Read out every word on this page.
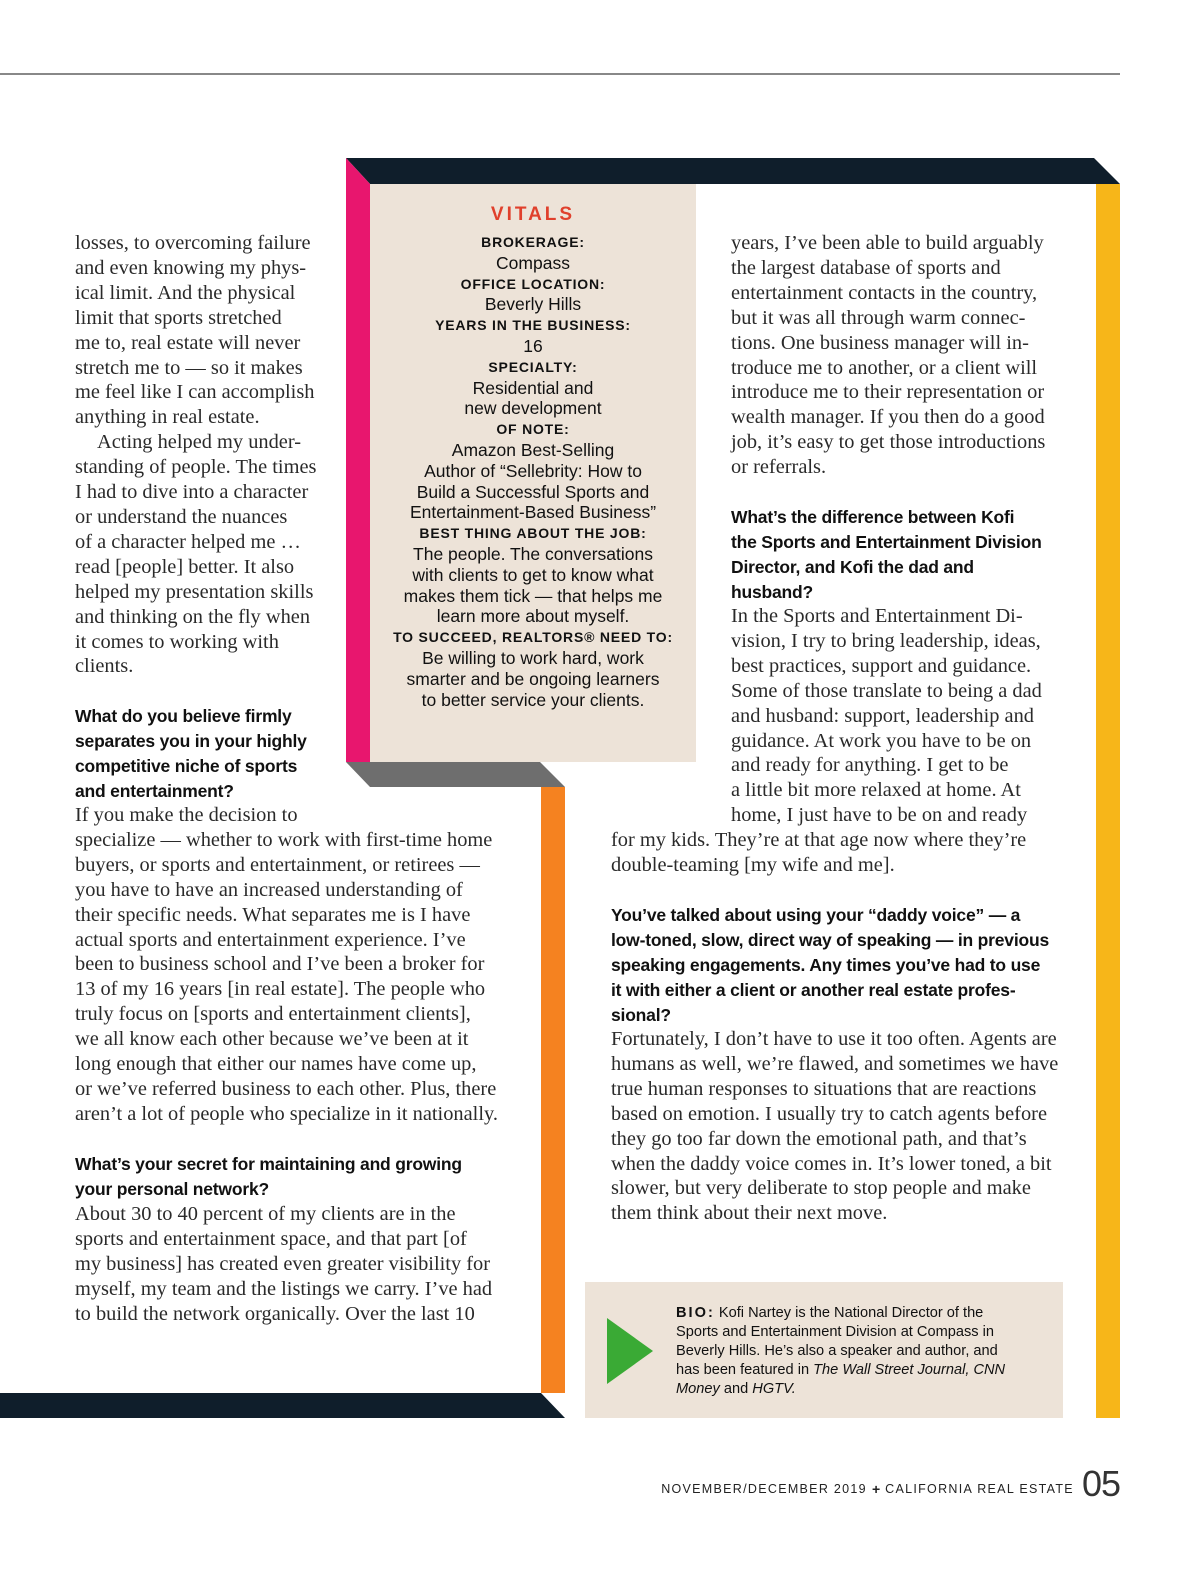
losses, to overcoming failure
and even knowing my phys-
ical limit. And the physical
limit that sports stretched
me to, real estate will never
stretch me to — so it makes
me feel like I can accomplish
anything in real estate.
Acting helped my under-
standing of people. The times
I had to dive into a character
or understand the nuances
of a character helped me …
read [people] better. It also
helped my presentation skills
and thinking on the fly when
it comes to working with
clients.
What do you believe firmly
separates you in your highly
competitive niche of sports
and entertainment?
If you make the decision to
specialize — whether to work with first-time home
buyers, or sports and entertainment, or retirees —
you have to have an increased understanding of
their specific needs. What separates me is I have
actual sports and entertainment experience. I’ve
been to business school and I’ve been a broker for
13 of my 16 years [in real estate]. The people who
truly focus on [sports and entertainment clients],
we all know each other because we’ve been at it
long enough that either our names have come up,
or we’ve referred business to each other. Plus, there
aren’t a lot of people who specialize in it nationally.
What’s your secret for maintaining and growing
your personal network?
About 30 to 40 percent of my clients are in the
sports and entertainment space, and that part [of
my business] has created even greater visibility for
myself, my team and the listings we carry. I’ve had
to build the network organically. Over the last 10
VITALS
BROKERAGE:
Compass
OFFICE LOCATION:
Beverly Hills
YEARS IN THE BUSINESS:
16
SPECIALTY:
Residential and
new development
OF NOTE:
Amazon Best-Selling
Author of “Sellebrity: How to
Build a Successful Sports and
Entertainment-Based Business”
BEST THING ABOUT THE JOB:
The people. The conversations
with clients to get to know what
makes them tick — that helps me
learn more about myself.
TO SUCCEED, REALTORS® NEED TO:
Be willing to work hard, work
smarter and be ongoing learners
to better service your clients.
years, I’ve been able to build arguably
the largest database of sports and
entertainment contacts in the country,
but it was all through warm connec-
tions. One business manager will in-
troduce me to another, or a client will
introduce me to their representation or
wealth manager. If you then do a good
job, it’s easy to get those introductions
or referrals.
What’s the difference between Kofi
the Sports and Entertainment Division
Director, and Kofi the dad and
husband?
In the Sports and Entertainment Di-
vision, I try to bring leadership, ideas,
best practices, support and guidance.
Some of those translate to being a dad
and husband: support, leadership and
guidance. At work you have to be on
and ready for anything. I get to be
a little bit more relaxed at home. At
home, I just have to be on and ready
for my kids. They’re at that age now where they’re
double-teaming [my wife and me].
You’ve talked about using your “daddy voice” — a
low-toned, slow, direct way of speaking — in previous
speaking engagements. Any times you’ve had to use
it with either a client or another real estate profes-
sional?
Fortunately, I don’t have to use it too often. Agents are
humans as well, we’re flawed, and sometimes we have
true human responses to situations that are reactions
based on emotion. I usually try to catch agents before
they go too far down the emotional path, and that’s
when the daddy voice comes in. It’s lower toned, a bit
slower, but very deliberate to stop people and make
them think about their next move.
BIO: Kofi Nartey is the National Director of the
Sports and Entertainment Division at Compass in
Beverly Hills. He’s also a speaker and author, and
has been featured in The Wall Street Journal, CNN
Money and HGTV.
NOVEMBER/DECEMBER 2019 + CALIFORNIA REAL ESTATE 05
